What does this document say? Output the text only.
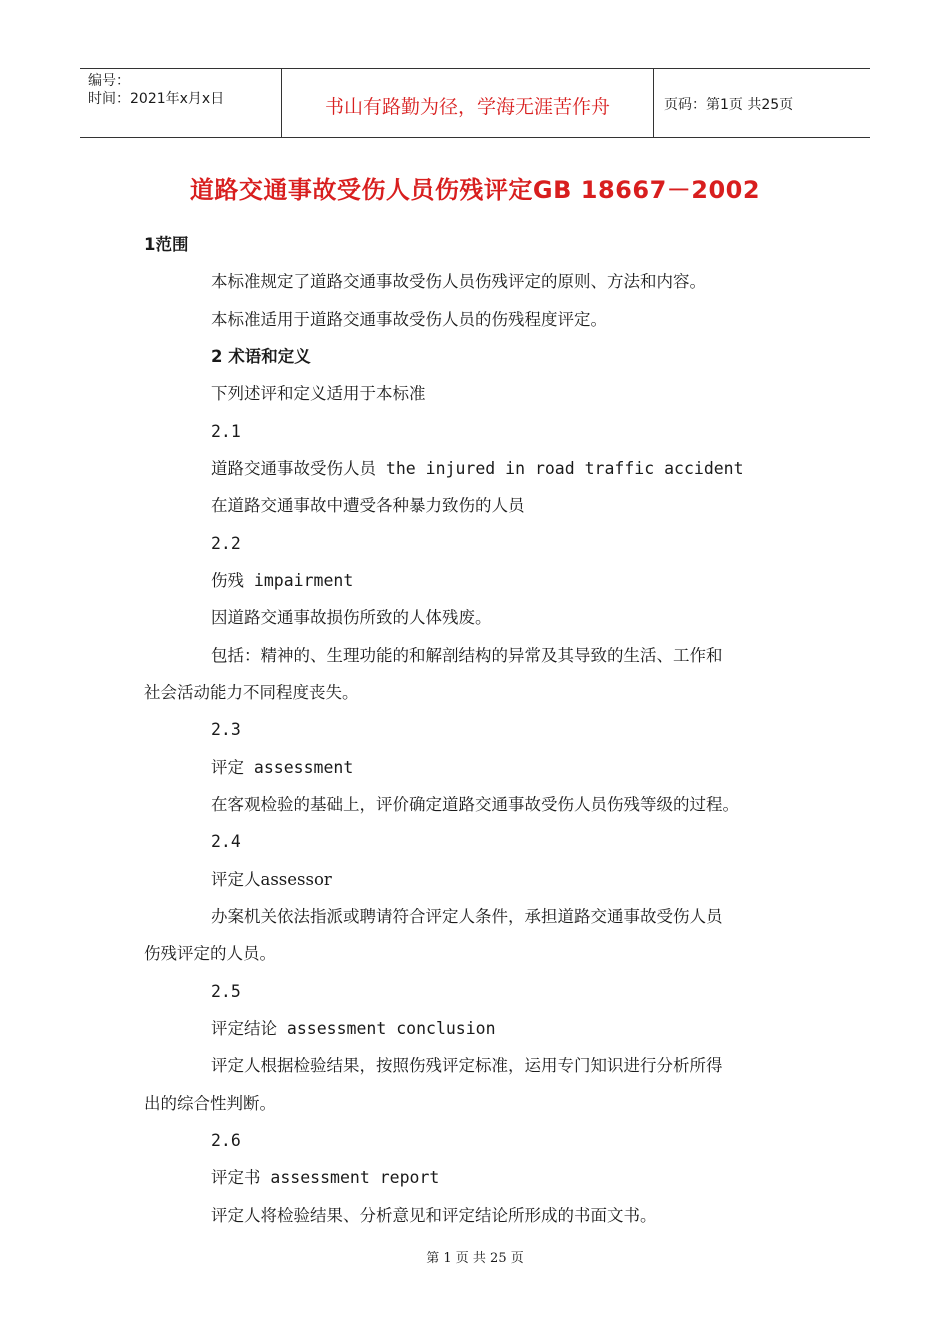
编号：
时间：2021年x月x日	书山有路勤为径，学海无涯苦作舟	页码：第1页 共25页
道路交通事故受伤人员伤残评定GB 18667－2002
1范围
本标准规定了道路交通事故受伤人员伤残评定的原则、方法和内容。
本标准适用于道路交通事故受伤人员的伤残程度评定。
2 术语和定义
下列述评和定义适用于本标准
2.1
道路交通事故受伤人员 the injured in road traffic accident
在道路交通事故中遭受各种暴力致伤的人员
2.2
伤残 impairment
因道路交通事故损伤所致的人体残废。
包括：精神的、生理功能的和解剖结构的异常及其导致的生活、工作和
社会活动能力不同程度丧失。
2.3
评定 assessment
在客观检验的基础上，评价确定道路交通事故受伤人员伤残等级的过程。
2.4
评定人assessor
办案机关依法指派或聘请符合评定人条件，承担道路交通事故受伤人员
伤残评定的人员。
2.5
评定结论 assessment conclusion
评定人根据检验结果，按照伤残评定标准，运用专门知识进行分析所得
出的综合性判断。
2.6
评定书 assessment report
评定人将检验结果、分析意见和评定结论所形成的书面文书。
第 1 页 共 25 页
